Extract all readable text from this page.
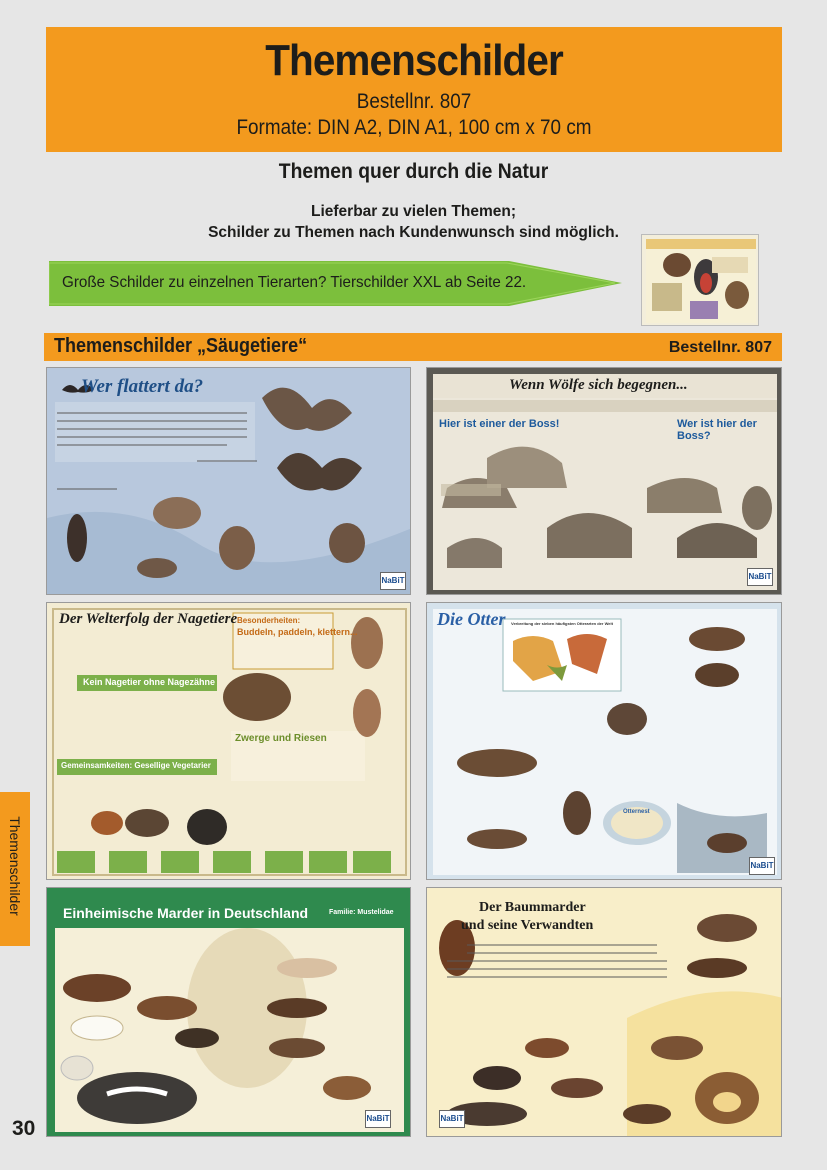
Themenschilder
Bestellnr. 807
Formate: DIN A2, DIN A1, 100 cm x 70 cm
Themen quer durch die Natur
Lieferbar zu vielen Themen;
Schilder zu Themen nach Kundenwunsch sind möglich.
Große Schilder zu einzelnen Tierarten? Tierschilder XXL ab Seite 22.
Themenschilder „Säugetiere“	Bestellnr. 807
Wer flattert da?
NaBiT
Wenn Wölfe sich begegnen...
Hier ist einer der Boss!	Wer ist hier der Boss?
NaBiT
Der Welterfolg der Nagetiere Besonderheiten:
Buddeln, paddeln, klettern...
Kein Nagetier ohne Nagezähne
Zwerge und Riesen
Gemeinsamkeiten: Gesellige Vegetarier
Die Otter Verbreitung der sieben häufigsten Otterarten der Welt
Otternest
NaBiT
Einheimische Marder in Deutschland	Familie: Mustelidae
NaBiT
Der Baummarder
und seine Verwandten
NaBiT
Themenschilder
30
